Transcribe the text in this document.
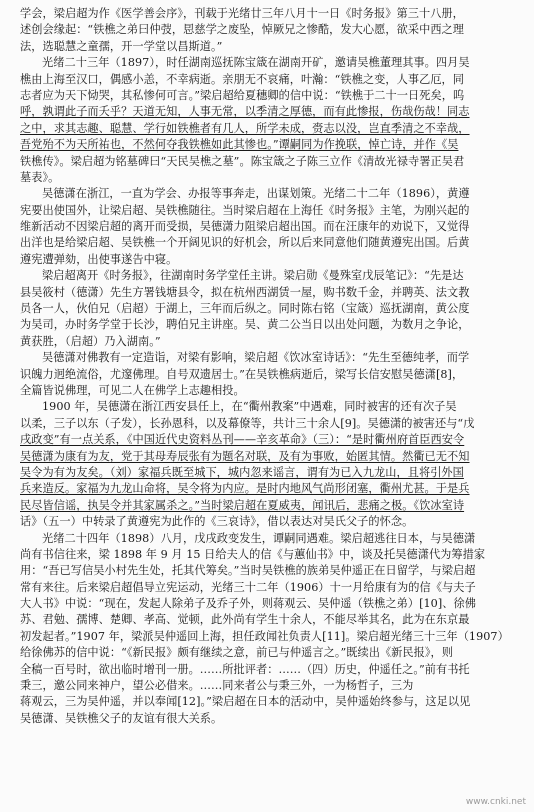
学会，梁启超为作《医学善会序》，刊载于光绪廿三年八月十一日《时务报》第三十八册，
述创会缘起：“铁樵之弟曰仲弢，㤙慈学之废坠，悼厥兄之惨酷，发大心愿，欲采中西之理
法，选聪慧之童孺，开一学堂以昌斯道。”
光绪二十三年（1897），时任湖南巡抚陈宝箴在湖南开矿，邀请吴樵董理其事。四月吴
樵由上海至汉口，偶感小恙，不幸病逝。亲朋无不哀痛，叶瀚：“铁樵之变，人事乙厄，同
志者应为天下恸哭，其私惨何可言。”梁启超给夏穗卿的信中说：“铁樵于二十一日死矣，呜
呼，孰谓此子而夭乎？天道无知，人事无常，以季清之厚德，而有此惨报，伤哉伤哉！同志
之中，求其志趣、聪慧、学行如铁樵者有几人，所学未成，赍志以没，岂直季清之不幸哉，
吾党殆不为天所祐也，不然何夺我铁樵如此其惨也。”谭嗣同为作挽联，悼亡诗，并作《吴
铁樵传》。梁启超为铭墓碑曰“天民吴樵之墓”。陈宝箴之子陈三立作《清故光禄寺署正吴君
墓表》。
吴德潇在浙江，一直为学会、办报等事奔走，出谋划策。光绪二十二年（1896），黄遵
宪要出使国外，让梁启超、吴铁樵随往。当时梁启超在上海任《时务报》主笔，为刚兴起的
维新活动不因梁启超的离开而受损，吴德潇力阻梁启超出国。而在汪康年的劝说下，又觉得
出洋也是给梁启超、吴铁樵一个开阔见识的好机会，所以后来同意他们随黄遵宪出国。后黄
遵宪遭弹劾，出使事遂告中寝。
梁启超离开《时务报》，往湖南时务学堂任主讲。梁启勋《曼殊室戊辰笔记》：“先是达
县吴筱村（德潇）先生方署钱塘县令，拟在杭州西湖赁一屋，购书数千金，并聘英、法文教
员各一人，伙伯兄（启超）于湖上，三年而后纵之。同时陈右铭（宝箴）巡抚湖南，黄公度
为吴司，办时务学堂于长沙，聘伯兄主讲座。吴、黄二公当日以出处问题，为数月之争论，
黄获胜，（启超）乃入湖南。”
吴德潇对佛教有一定造诣，对梁有影响，梁启超《饮冰室诗话》：“先生至德纯孝，而学
识魄力迥绝流俗，尤邃佛理。自号双遗居士。”在吴铁樵病逝后，梁写长信安慰吴德潇[8]，
全篇皆说佛理，可见二人在佛学上志趣相投。
1900 年，吴德潇在浙江西安县任上，在“衢州教案”中遇难，同时被害的还有次子吴
以柔，三子以东（子发），长孙恩科，以及幕僚等，共计三十余人[9]。吴德潇的被害还与“戊
戌政变”有一点关系，《中国近代史资料丛刊——辛亥革命》（三）：“是时衢州府首臣西安令
吴德潇为康有为友，党于其母寿辰张有为题名对联，及有为事败，始匿其情。然衢已无不知
吴令为有为友矣。（刘）家福兵既至城下，城内忽来谣言，谓有为已入九龙山，且将引外国
兵来造反。家福为九龙山命将，吴令将为内应。是时内地风气尚形闭塞，衢州尤甚。于是兵
民尽皆信谣，执吴令并其家属杀之。”当时梁启超在夏威夷，闻讯后，悲痛之极。《饮冰室诗
话》（五一）中转录了黄遵宪为此作的《三哀诗》，借以表达对吴氏父子的怀念。
光绪二十四年（1898）八月，戊戌政变发生，谭嗣同遇难。梁启超逃往日本，与吴德潇
尚有书信往来，梁 1898 年 9 月 15 日给夫人的信《与蕙仙书》中，谈及托吴德潇代为筹措家
用：“吾已写信吴小村先生处，托其代筹矣。”当时吴铁樵的族弟吴仲遥正在日留学，与梁启超
常有来往。后来梁启超倡导立宪运动，光绪三十二年（1906）十一月给康有为的信《与夫子
大人书》中说：“现在，发起人除弟子及乔子外，则蒋观云、吴仲遥（铁樵之弟）[10]、徐佛
苏、君勉、孺博、楚卿、孝高、觉顿，此外尚有学生十余人，不能尽举其名，此为在东京最
初发起者。”1907 年，梁派吴仲遥回上海，担任政闻社负责人[11]。梁启超光绪三十三年（1907）
给徐佛苏的信中说：“《新民报》颇有继续之意，前已与仲遥言之。”既续出《新民报》，则
全稿一百号时，欲出临时增刊一册。……所批评者：……（四）历史，仲遥任之。”前有书托
秉三，邀公同来神户，望公必借来。……同来者公与秉三外，一为杨哲子，三为
蒋观云，三为吴仲遥，并以奉闻[12]。”梁启超在日本的活动中，吴仲遥始终参与，这足以见
吴德潇、吴铁樵父子的友谊有很大关系。
www.cnki.net
